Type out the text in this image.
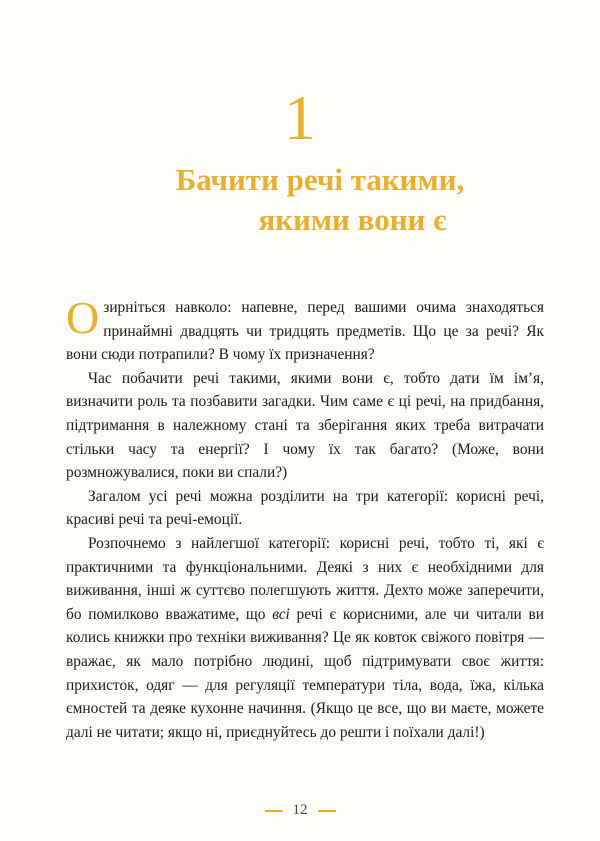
1
Бачити речі такими,
якими вони є

Озирніться навколо: напевне, перед вашими очима знаходяться принаймні двадцять чи тридцять предметів. Що це за речі? Як вони сюди потрапили? В чому їх призначення?

Час побачити речі такими, якими вони є, тобто дати їм ім’я, визначити роль та позбавити загадки. Чим саме є ці речі, на придбання, підтримання в належному стані та зберігання яких треба витрачати стільки часу та енергії? І чому їх так багато? (Може, вони розмножувалися, поки ви спали?)

Загалом усі речі можна розділити на три категорії: корисні речі, красиві речі та речі-емоції.

Розпочнемо з найлегшої категорії: корисні речі, тобто ті, які є практичними та функціональними. Деякі з них є необхідними для виживання, інші ж суттєво полегшують життя. Дехто може заперечити, бо помилково вважатиме, що всі речі є корисними, але чи читали ви колись книжки про техніки виживання? Це як ковток свіжого повітря — вражає, як мало потрібно людині, щоб підтримувати своє життя: прихисток, одяг — для регуляції температури тіла, вода, їжа, кілька ємностей та деяке кухонне начиння. (Якщо це все, що ви маєте, можете далі не читати; якщо ні, приєднуйтесь до решти і поїхали далі!)

12
